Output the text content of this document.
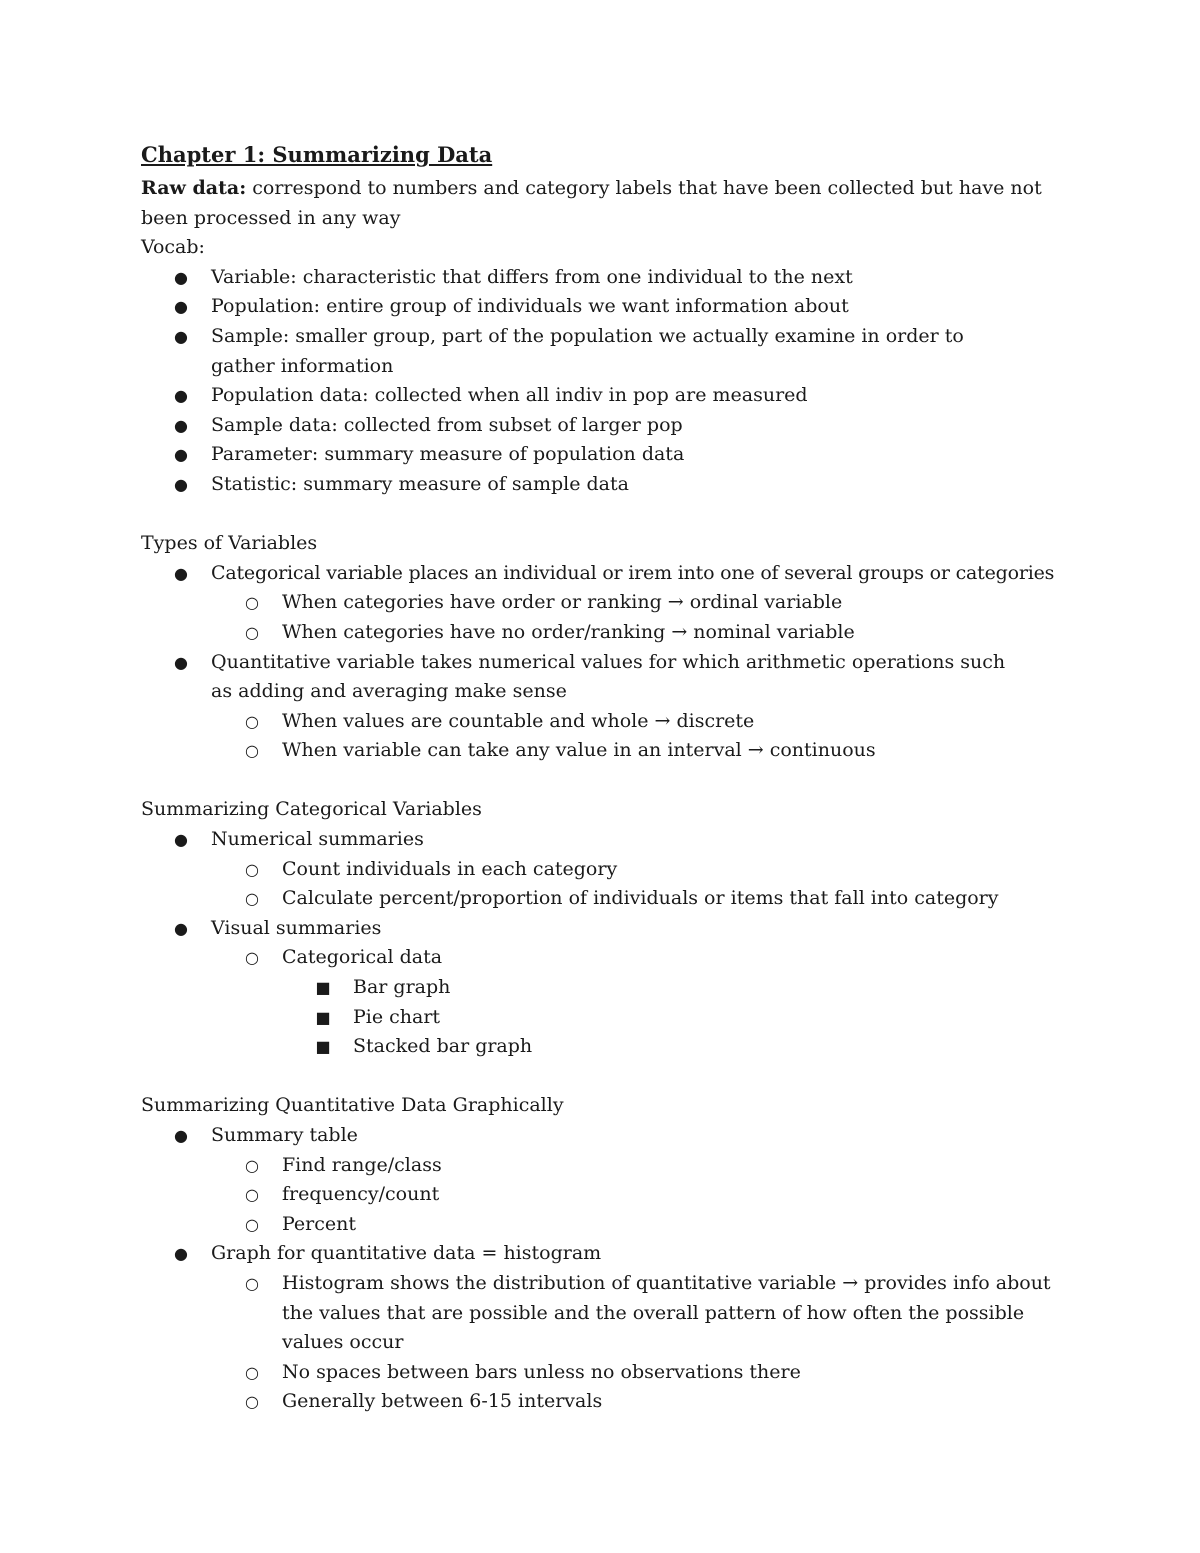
Chapter 1: Summarizing Data

Raw data: correspond to numbers and category labels that have been collected but have not been processed in any way

Vocab:

● Variable: characteristic that differs from one individual to the next
● Population: entire group of individuals we want information about
● Sample: smaller group, part of the population we actually examine in order to gather information
● Population data: collected when all indiv in pop are measured
● Sample data: collected from subset of larger pop
● Parameter: summary measure of population data
● Statistic: summary measure of sample data

Types of Variables

● Categorical variable places an individual or irem into one of several groups or categories
○ When categories have order or ranking → ordinal variable
○ When categories have no order/ranking → nominal variable
● Quantitative variable takes numerical values for which arithmetic operations such as adding and averaging make sense
○ When values are countable and whole → discrete
○ When variable can take any value in an interval → continuous

Summarizing Categorical Variables

● Numerical summaries
○ Count individuals in each category
○ Calculate percent/proportion of individuals or items that fall into category
● Visual summaries
○ Categorical data
■ Bar graph
■ Pie chart
■ Stacked bar graph

Summarizing Quantitative Data Graphically

● Summary table
○ Find range/class
○ frequency/count
○ Percent
● Graph for quantitative data = histogram
○ Histogram shows the distribution of quantitative variable → provides info about the values that are possible and the overall pattern of how often the possible values occur
○ No spaces between bars unless no observations there
○ Generally between 6-15 intervals
